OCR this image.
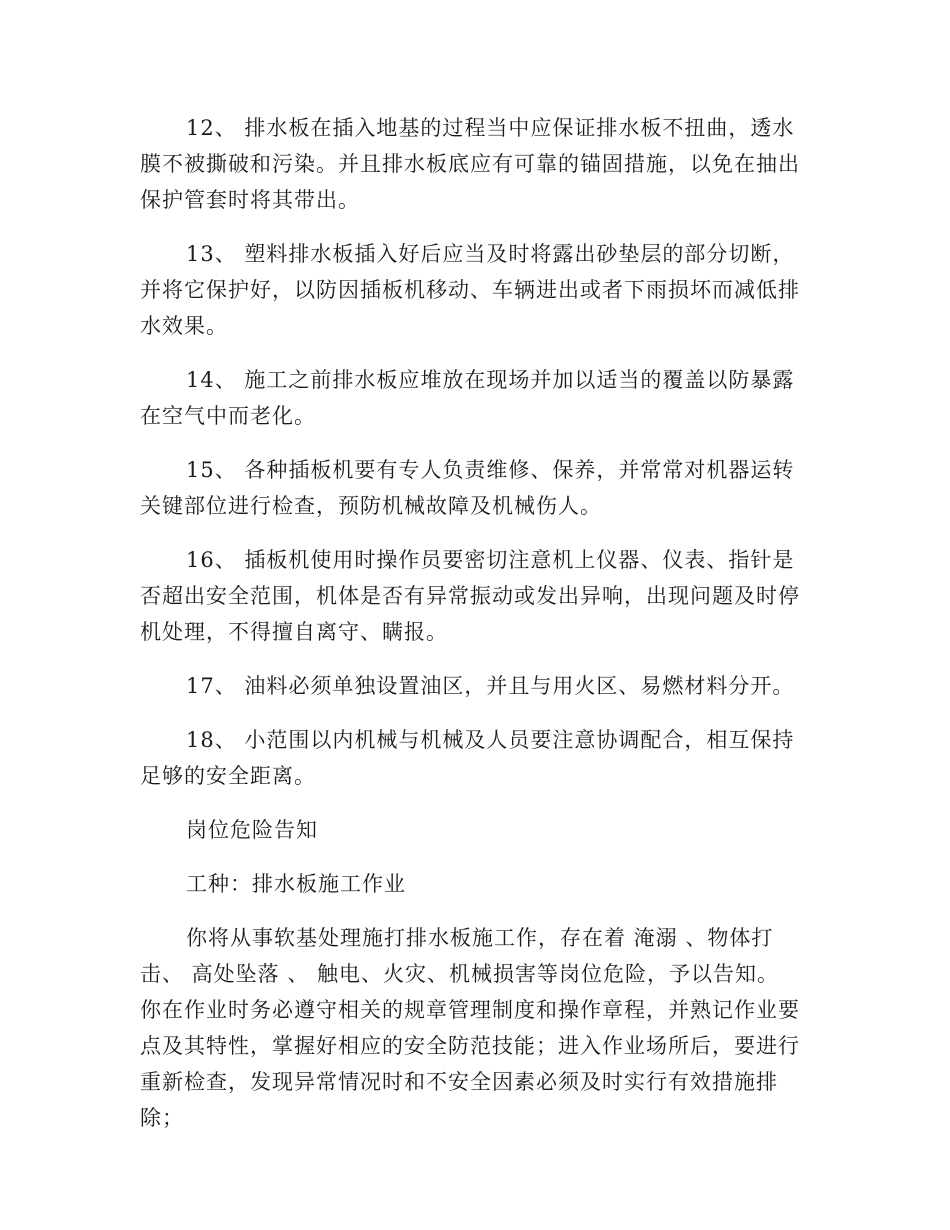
12、 排水板在插入地基的过程当中应保证排水板不扭曲，透水膜不被撕破和污染。并且排水板底应有可靠的锚固措施，以免在抽出保护管套时将其带出。

13、 塑料排水板插入好后应当及时将露出砂垫层的部分切断，并将它保护好，以防因插板机移动、车辆进出或者下雨损坏而减低排水效果。

14、 施工之前排水板应堆放在现场并加以适当的覆盖以防暴露在空气中而老化。

15、 各种插板机要有专人负责维修、保养，并常常对机器运转关键部位进行检查，预防机械故障及机械伤人。

16、 插板机使用时操作员要密切注意机上仪器、仪表、指针是否超出安全范围，机体是否有异常振动或发出异响，出现问题及时停机处理，不得擅自离守、瞒报。

17、 油料必须单独设置油区，并且与用火区、易燃材料分开。

18、 小范围以内机械与机械及人员要注意协调配合，相互保持足够的安全距离。

岗位危险告知

工种：排水板施工作业

你将从事软基处理施打排水板施工作，存在着 淹溺 、物体打击、 高处坠落 、 触电、火灾、机械损害等岗位危险，予以告知。你在作业时务必遵守相关的规章管理制度和操作章程，并熟记作业要点及其特性，掌握好相应的安全防范技能；进入作业场所后，要进行重新检查，发现异常情况时和不安全因素必须及时实行有效措施排除；
